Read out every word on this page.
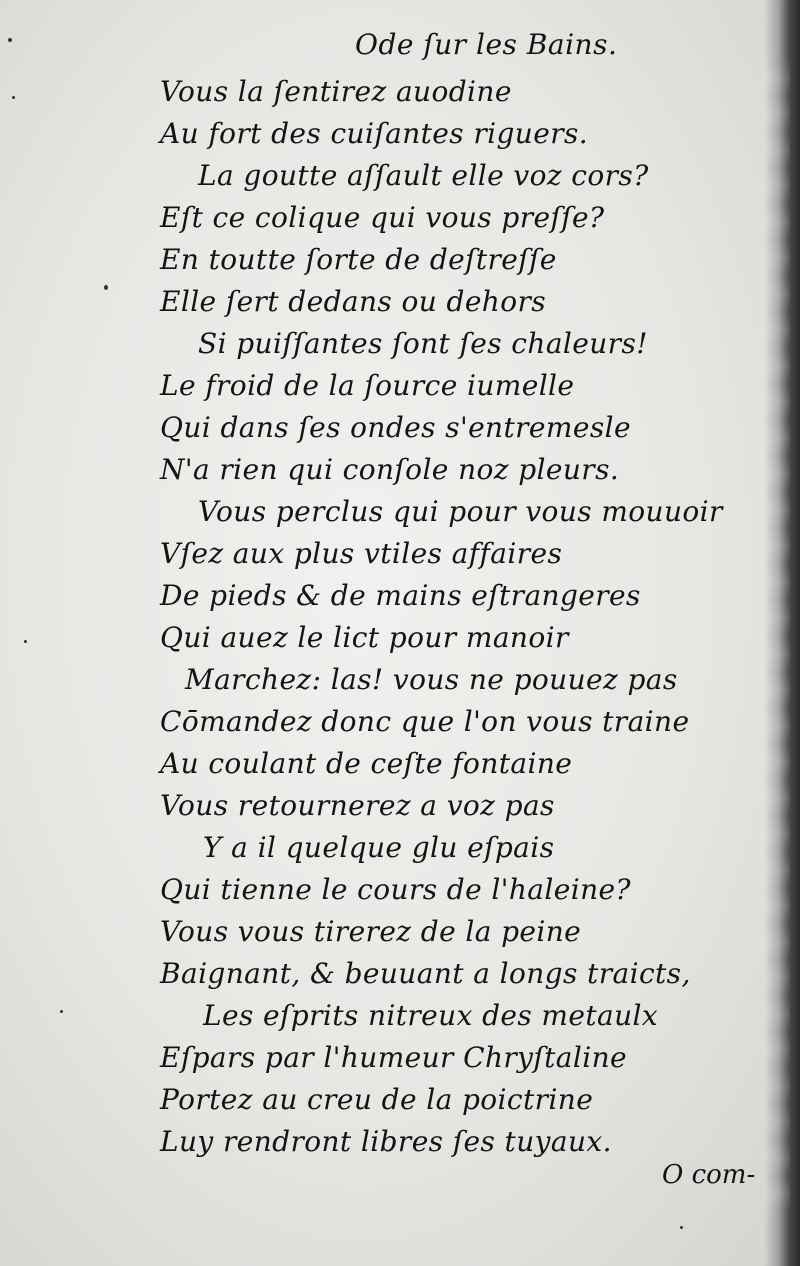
Ode ſur les Bains.
Vous la ſentirez auodine
Au fort des cuiſantes riguers.
La goutte aſſault elle voz cors?
Eſt ce colique qui vous preſſe?
En toutte ſorte de deſtreſſe
Elle ſert dedans ou dehors
Si puiſſantes ſont ſes chaleurs!
Le froid de la ſource iumelle
Qui dans ſes ondes s'entremesle
N'a rien qui conſole noz pleurs.
Vous perclus qui pour vous mouuoir
Vſez aux plus vtiles affaires
De pieds & de mains eſtrangeres
Qui auez le lict pour manoir
Marchez: las! vous ne pouuez pas
Cōmandez donc que l'on vous traine
Au coulant de ceſte fontaine
Vous retournerez a voz pas
Y a il quelque glu eſpais
Qui tienne le cours de l'haleine?
Vous vous tirerez de la peine
Baignant, & beuuant a longs traicts,
Les eſprits nitreux des metaulx
Eſpars par l'humeur Chryſtaline
Portez au creu de la poictrine
Luy rendront libres ſes tuyaux.
O com-
